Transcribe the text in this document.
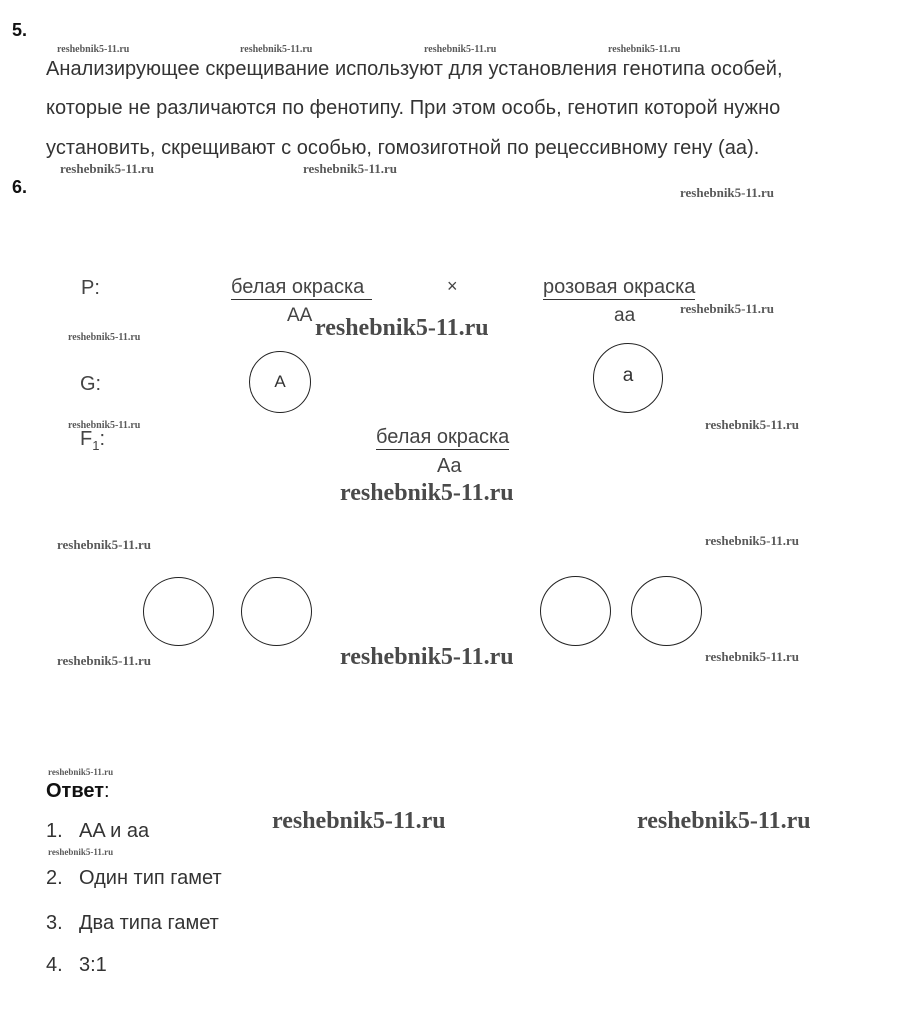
5.
Анализирующее скрещивание используют для установления генотипа особей,
которые не различаются по фенотипу. При этом особь, генотип которой нужно
установить, скрещивают с особью, гомозиготной по рецессивному гену (аа).
6.
P:	белая окраска	×	розовая окраска
AA	aa
G:	A	a
$F_1$:	белая окраска
Aa
Ответ:
1. AA и aa
2. Один тип гамет
3. Два типа гамет
4. 3:1
reshebnik5-11.ru	reshebnik5-11.ru	reshebnik5-11.ru	reshebnik5-11.ru
reshebnik5-11.ru	reshebnik5-11.ru
reshebnik5-11.ru
reshebnik5-11.ru
reshebnik5-11.ru
reshebnik5-11.ru
reshebnik5-11.ru	reshebnik5-11.ru
reshebnik5-11.ru
reshebnik5-11.ru	reshebnik5-11.ru
reshebnik5-11.ru
reshebnik5-11.ru	reshebnik5-11.ru
reshebnik5-11.ru
reshebnik5-11.ru	reshebnik5-11.ru
reshebnik5-11.ru
